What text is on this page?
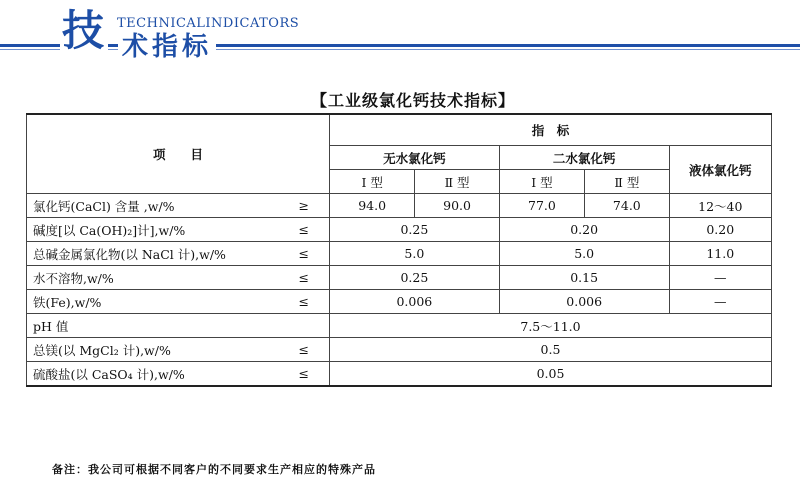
技 术指标
TECHNICALINDICATORS
【工业级氯化钙技术指标】
项　　目		指　标				
		无水氯化钙		二水氯化钙		液体氯化钙
		Ⅰ 型	Ⅱ 型	Ⅰ 型	Ⅱ 型	
氯化钙(CaCl) 含量 ,w/%	≥	94.0	90.0	77.0	74.0	12～40
碱度[以 Ca(OH)₂]计],w/%	≤	0.25		0.20		0.20
总碱金属氯化物(以 NaCl 计),w/%	≤	5.0		5.0		11.0
水不溶物,w/%	≤	0.25		0.15		—
铁(Fe),w/%	≤	0.006		0.006		—
pH 值		7.5～11.0				
总镁(以 MgCl₂ 计),w/%	≤	0.5				
硫酸盐(以 CaSO₄ 计),w/%	≤	0.05				
备注：我公司可根据不同客户的不同要求生产相应的特殊产品
